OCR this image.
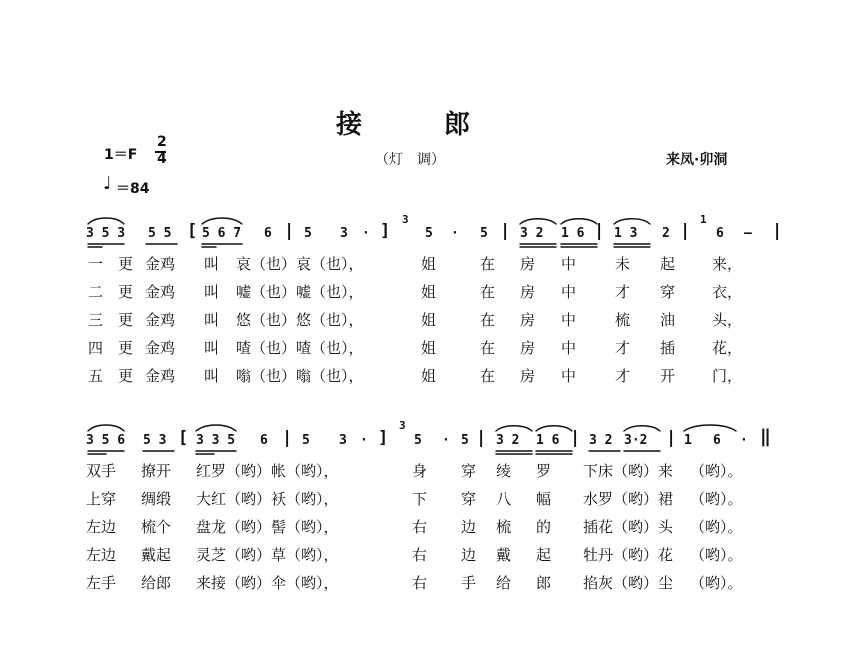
接　　　郎
1＝F
2
4
♩ ＝84
（灯　调）	来凤·卯洞
3 5 3 5 5 [ 5 6 7 6 | 5 3 · ]
3
5 · 5 | 3 2 1 6 | 1 3 2 |
1
6 — |
一 更 金鸡 叫 哀（也）哀（也），	姐	在 房 中	未 起 来，
二 更 金鸡 叫 嘘（也）嘘（也），	姐	在 房 中	才 穿 衣，
三 更 金鸡 叫 悠（也）悠（也），	姐	在 房 中	梳 油 头，
四 更 金鸡 叫 喳（也）喳（也），	姐	在 房 中	才 插 花，
五 更 金鸡 叫 嗡（也）嗡（也），	姐	在 房 中	才 开 门，
3 5 6 5 3 [ 3 3 5 6 | 5 3 · ]
3
5 · 5 | 3 2 1 6 | 3 2 3·2 | 1 6 · ‖
双手 撩开 红罗（哟）帐（哟），	身 穿 绫 罗 下床（哟）来 （哟）。
上穿 绸缎 大红（哟）袄（哟），	下 穿 八 幅 水罗（哟）裙 （哟）。
左边 梳个 盘龙（哟）髻（哟），	右 边 梳 的 插花（哟）头 （哟）。
左边 戴起 灵芝（哟）草（哟），	右 边 戴 起 牡丹（哟）花 （哟）。
左手 给郎 来接（哟）伞（哟），	右 手 给 郎 掐灰（哟）尘 （哟）。
